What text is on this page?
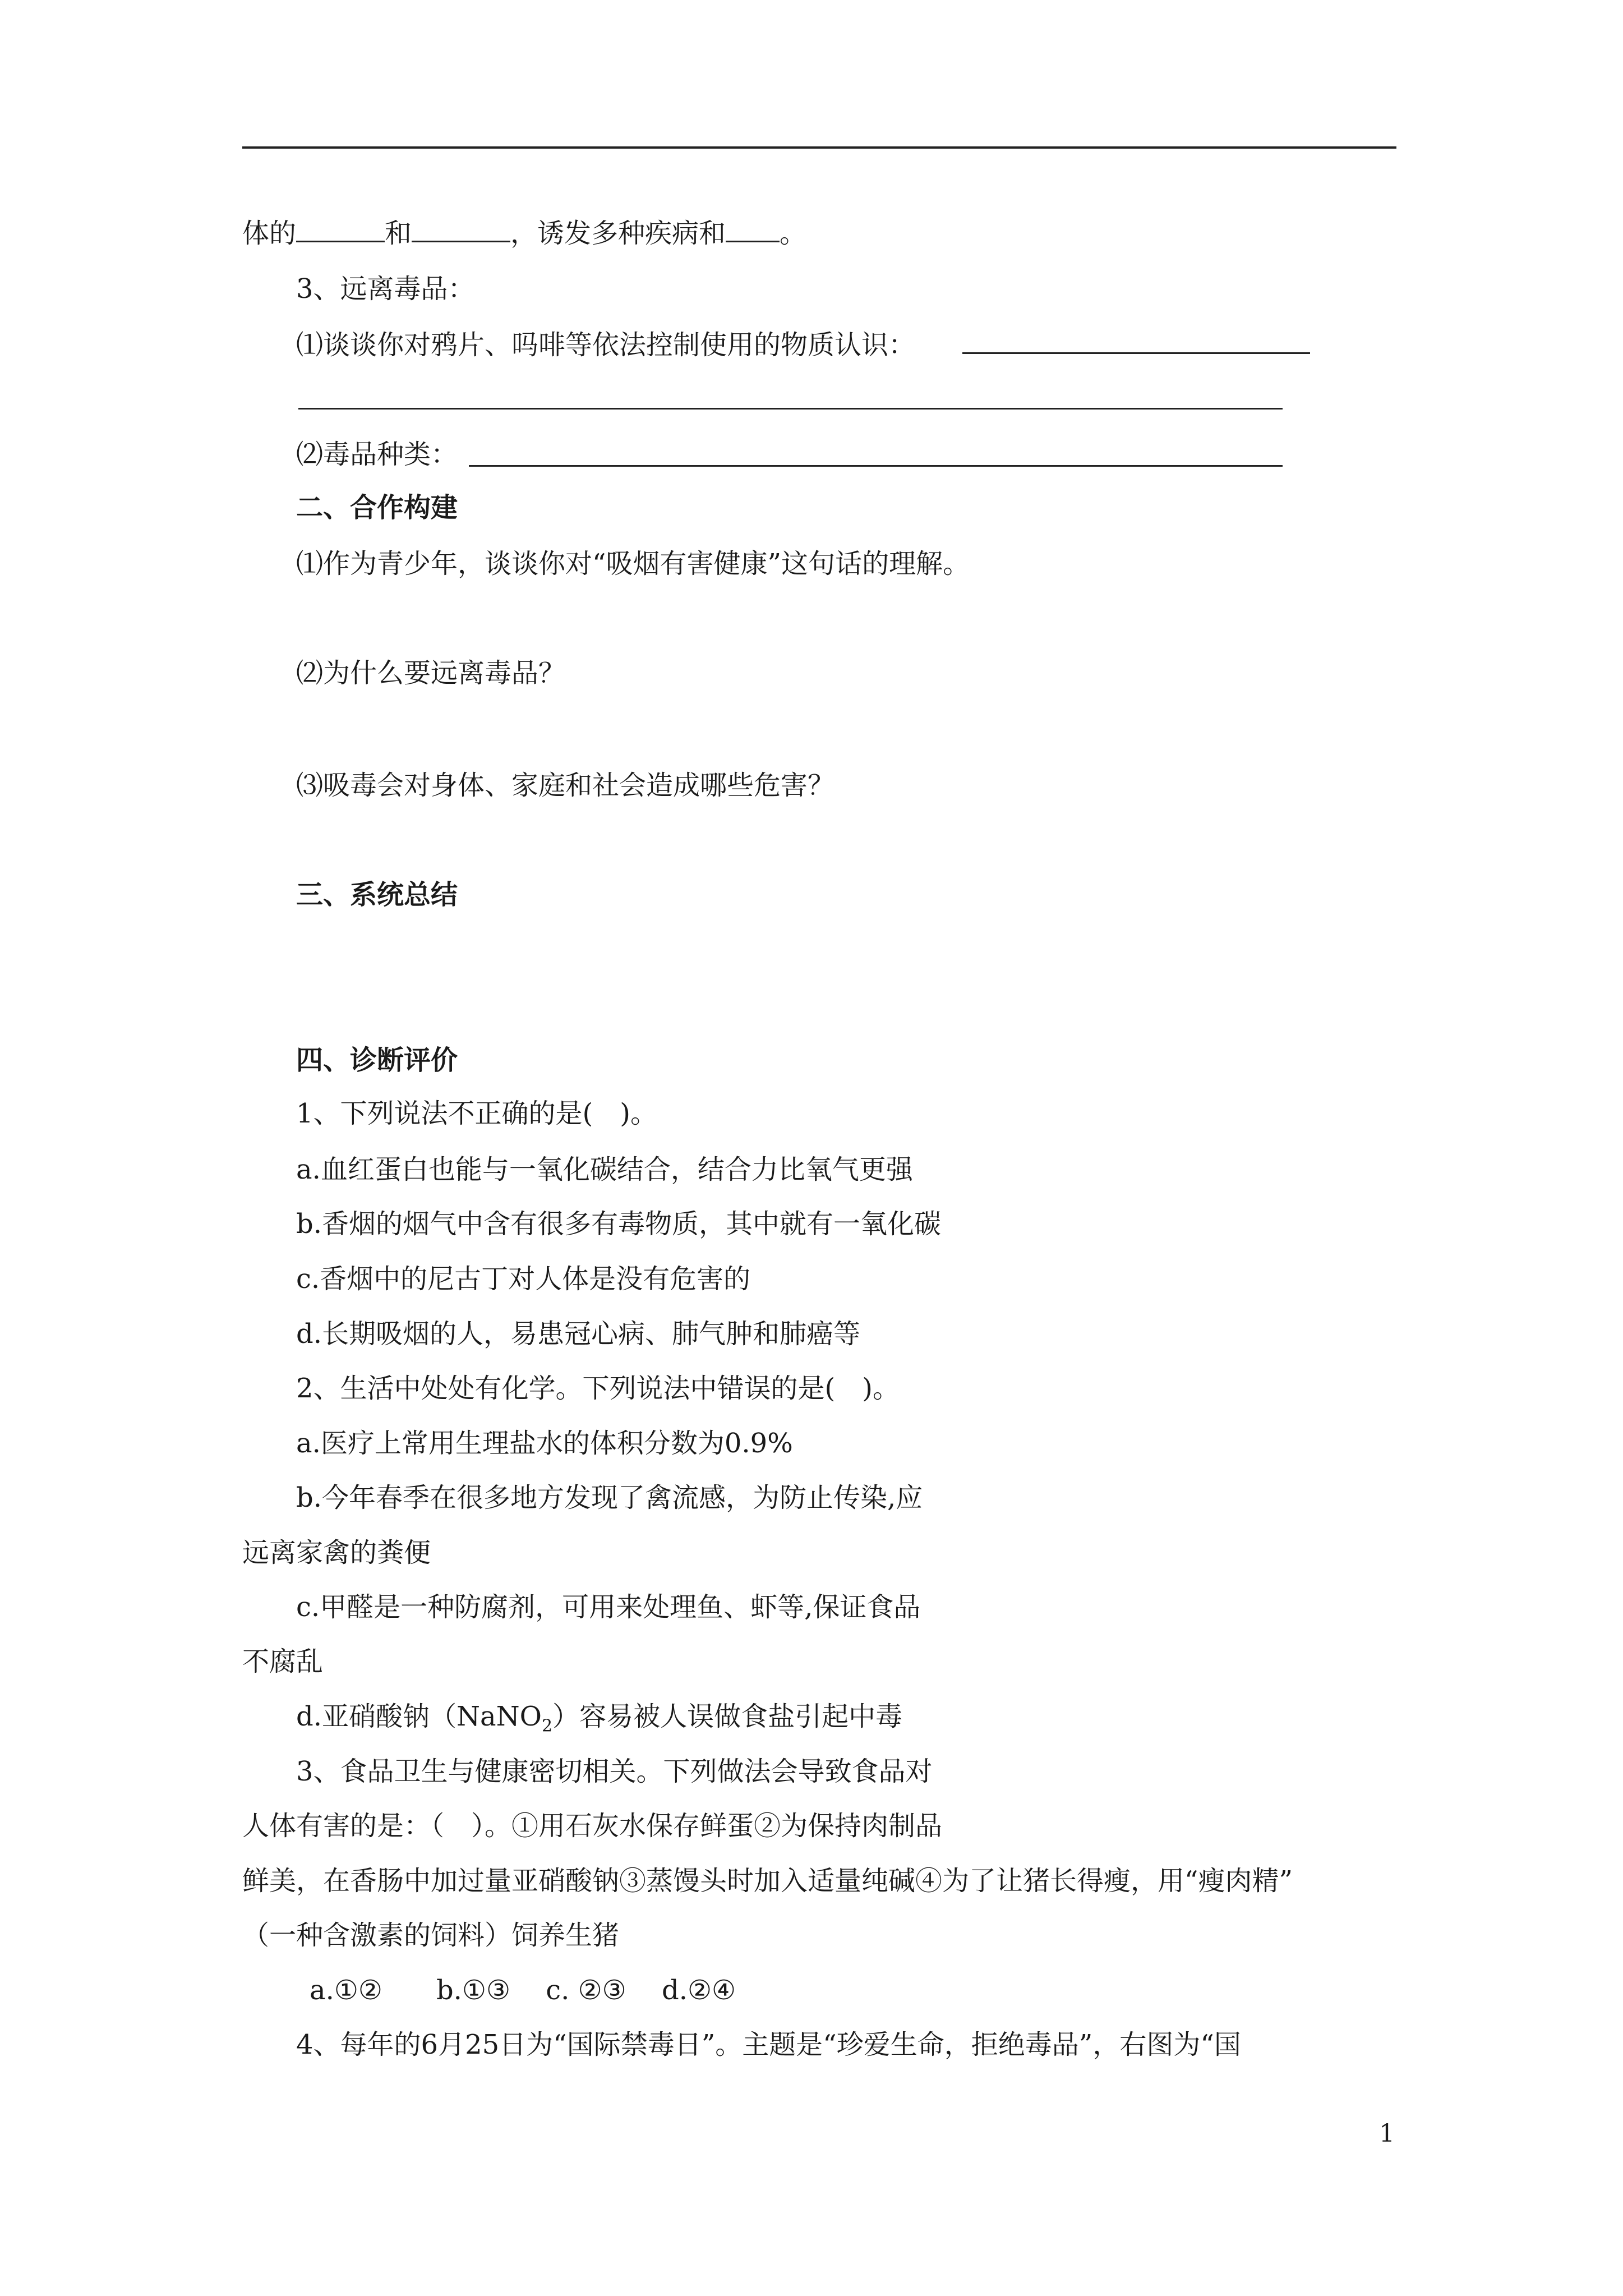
体的	和	，诱发多种疾病和 。
3、远离毒品：
⑴谈谈你对鸦片、吗啡等依法控制使用的物质认识：
⑵毒品种类：
二、合作构建
⑴作为青少年，谈谈你对“吸烟有害健康”这句话的理解。
⑵为什么要远离毒品？
⑶吸毒会对身体、家庭和社会造成哪些危害？
三、系统总结
四、诊断评价
1、下列说法不正确的是(　)。
a.血红蛋白也能与一氧化碳结合，结合力比氧气更强
b.香烟的烟气中含有很多有毒物质，其中就有一氧化碳
c.香烟中的尼古丁对人体是没有危害的
d.长期吸烟的人，易患冠心病、肺气肿和肺癌等
2、生活中处处有化学。下列说法中错误的是(　)。
a.医疗上常用生理盐水的体积分数为0.9%
b.今年春季在很多地方发现了禽流感，为防止传染,应
远离家禽的粪便
c.甲醛是一种防腐剂，可用来处理鱼、虾等,保证食品
不腐乱
d.亚硝酸钠（NaNO$_2$）容易被人误做食盐引起中毒
3、食品卫生与健康密切相关。下列做法会导致食品对
人体有害的是：（　）。①用石灰水保存鲜蛋②为保持肉制品
鲜美，在香肠中加过量亚硝酸钠③蒸馒头时加入适量纯碱④为了让猪长得瘦，用“瘦肉精”
（一种含激素的饲料）饲养生猪
a.①②　　b.①③　 c. ②③　 d.②④
4、每年的6月25日为“国际禁毒日”。主题是“珍爱生命，拒绝毒品”，右图为“国
1
